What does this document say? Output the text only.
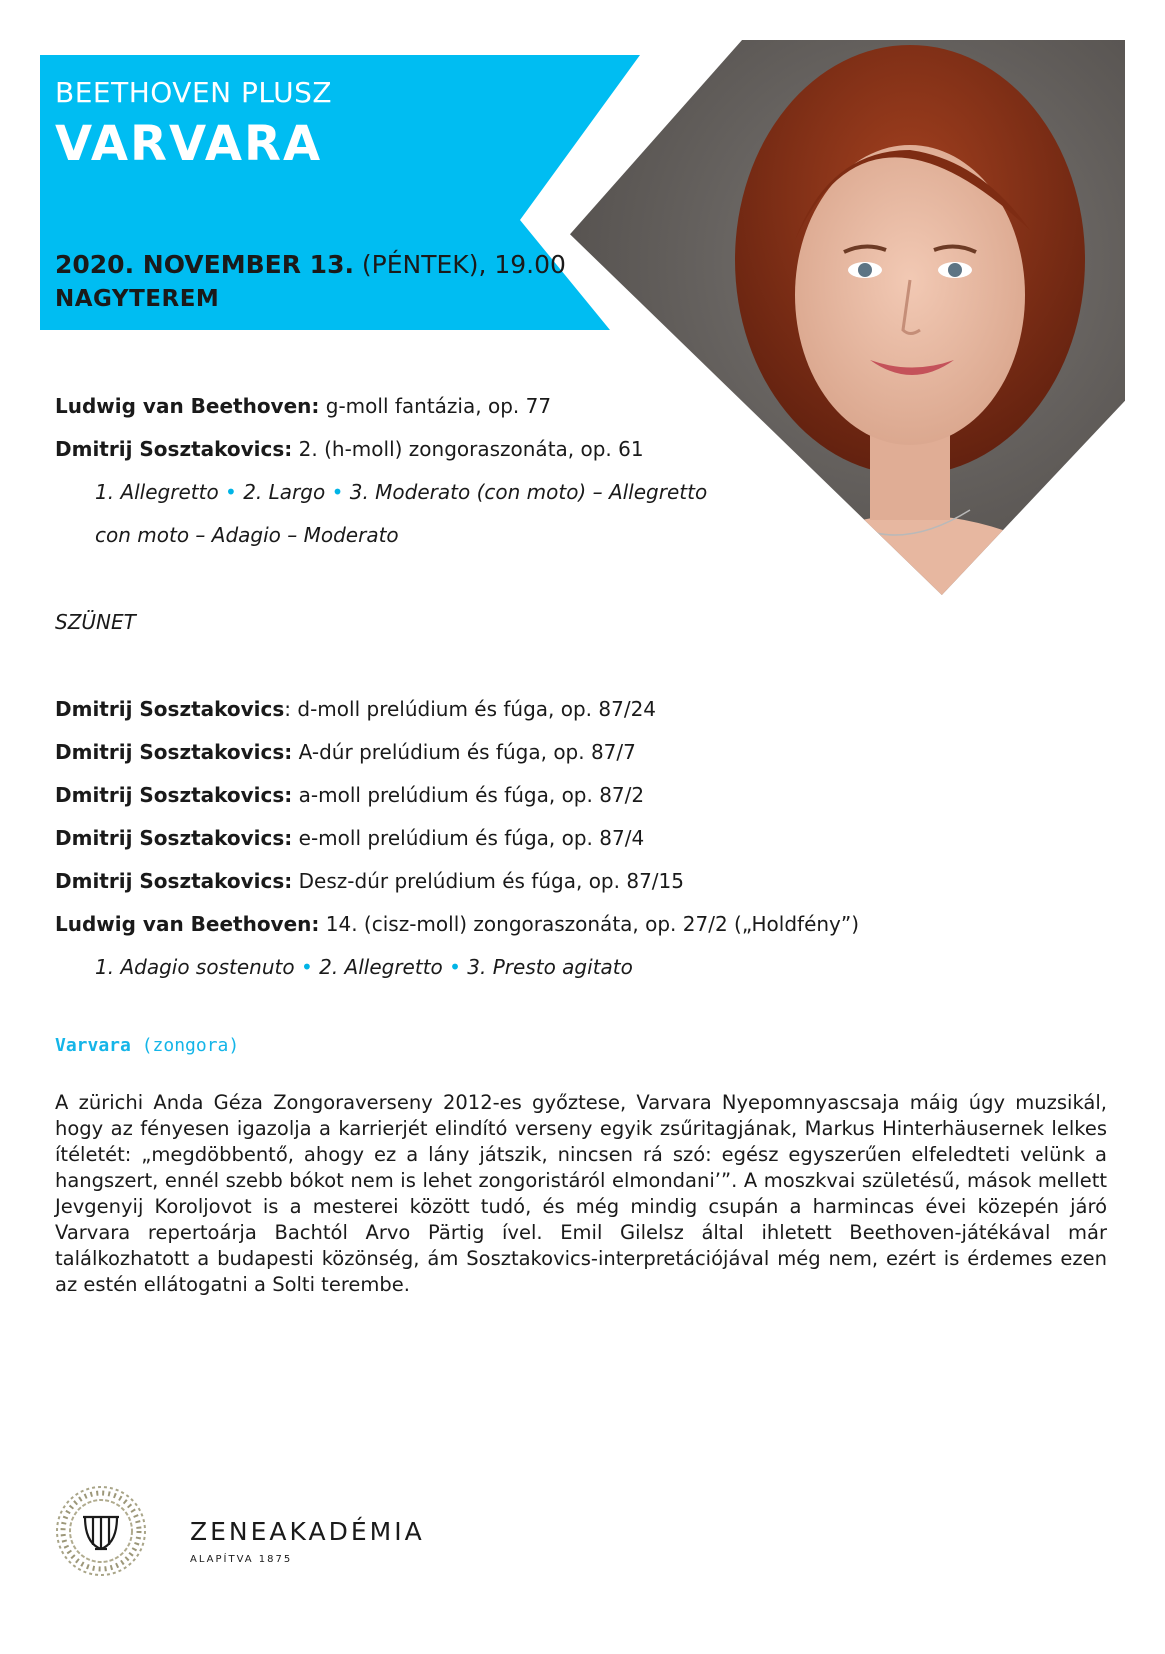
BEETHOVEN PLUSZ
VARVARA
2020. NOVEMBER 13. (PÉNTEK), 19.00
NAGYTEREM
Ludwig van Beethoven: g-moll fantázia, op. 77
Dmitrij Sosztakovics: 2. (h-moll) zongoraszonáta, op. 61
1. Allegretto • 2. Largo • 3. Moderato (con moto) – Allegretto con moto – Adagio – Moderato
SZÜNET
Dmitrij Sosztakovics: d-moll prelúdium és fúga, op. 87/24
Dmitrij Sosztakovics: A-dúr prelúdium és fúga, op. 87/7
Dmitrij Sosztakovics: a-moll prelúdium és fúga, op. 87/2
Dmitrij Sosztakovics: e-moll prelúdium és fúga, op. 87/4
Dmitrij Sosztakovics: Desz-dúr prelúdium és fúga, op. 87/15
Ludwig van Beethoven: 14. (cisz-moll) zongoraszonáta, op. 27/2 („Holdfény”)
1. Adagio sostenuto • 2. Allegretto • 3. Presto agitato
Varvara (zongora)
A zürichi Anda Géza Zongoraverseny 2012-es győztese, Varvara Nyepomnyascsaja máig úgy muzsikál, hogy az fényesen igazolja a karrierjét elindító verseny egyik zsűritagjának, Markus Hinterhäusernek lelkes ítéletét: „megdöbbentő, ahogy ez a lány játszik, nincsen rá szó: egész egyszerűen elfeledteti velünk a hangszert, ennél szebb bókot nem is lehet zongoristáról elmondani’”. A moszkvai születésű, mások mellett Jevgenyij Koroljovot is a mesterei között tudó, és még mindig csupán a harmincas évei közepén járó Varvara repertoárja Bachtól Arvo Pärtig ível. Emil Gilelsz által ihletett Beethoven-játékával már találkozhatott a budapesti közönség, ám Sosztakovics-interpretációjával még nem, ezért is érdemes ezen az estén ellátogatni a Solti terembe.
ZENEAKADÉMIA
ALAPÍTVA 1875
